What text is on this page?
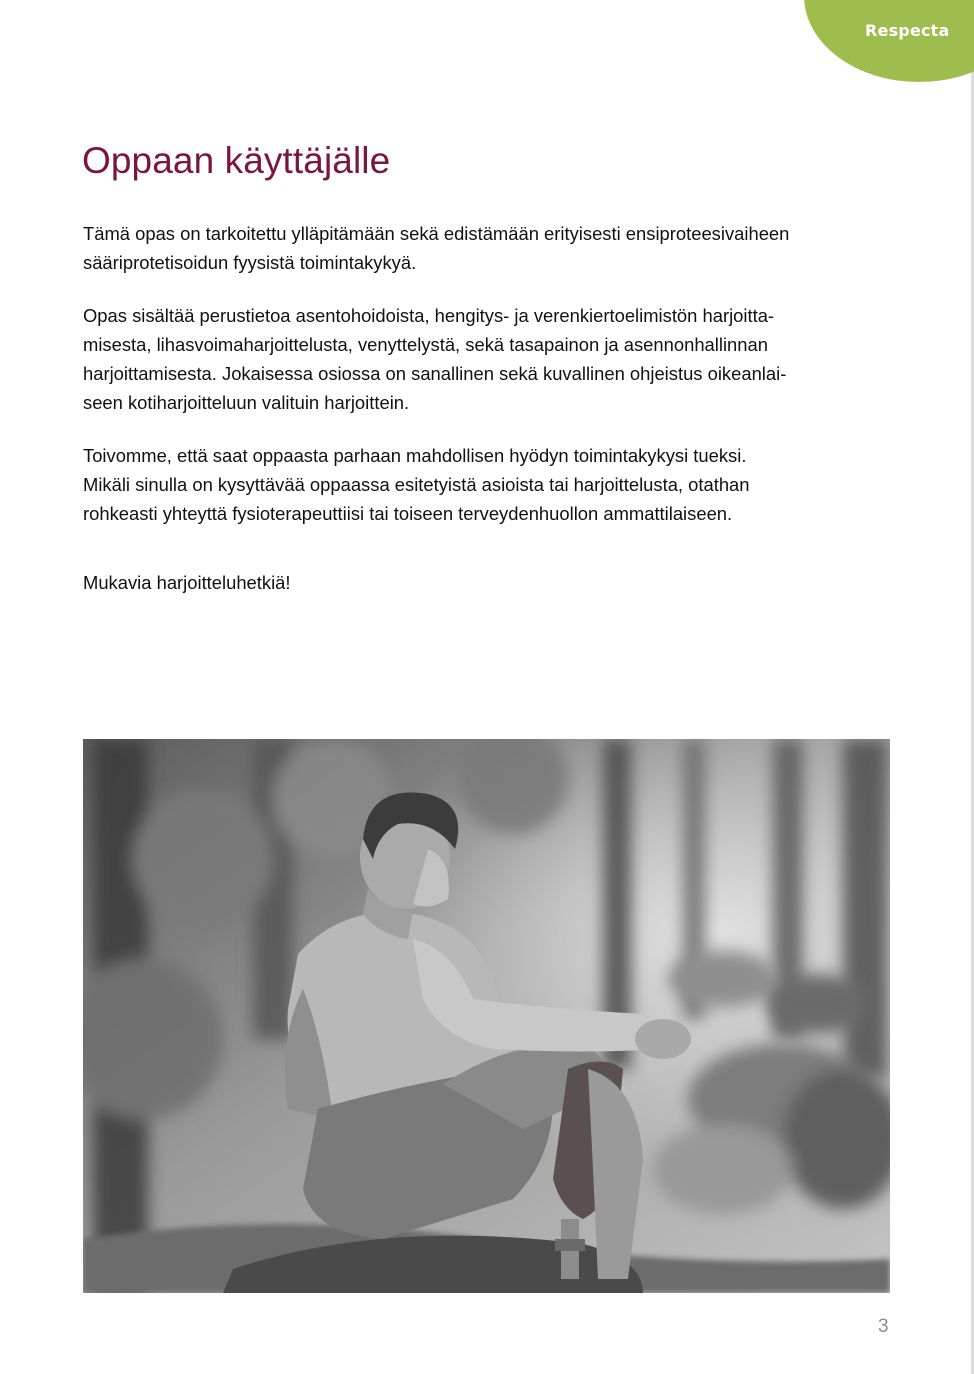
Respecta
Oppaan käyttäjälle

Tämä opas on tarkoitettu ylläpitämään sekä edistämään erityisesti ensiproteesivaiheen

sääriprotetisoidun fyysistä toimintakykyä.

Opas sisältää perustietoa asentohoidoista, hengitys- ja verenkiertoelimistön harjoitta-

misesta, lihasvoimaharjoittelusta, venyttelystä, sekä tasapainon ja asennonhallinnan

harjoittamisesta. Jokaisessa osiossa on sanallinen sekä kuvallinen ohjeistus oikeanlai-

seen kotiharjoitteluun valituin harjoittein.

Toivomme, että saat oppaasta parhaan mahdollisen hyödyn toimintakykysi tueksi.

Mikäli sinulla on kysyttävää oppaassa esitetyistä asioista tai harjoittelusta, otathan

rohkeasti yhteyttä fysioterapeuttiisi tai toiseen terveydenhuollon ammattilaiseen.

Mukavia harjoitteluhetkiä!

3
